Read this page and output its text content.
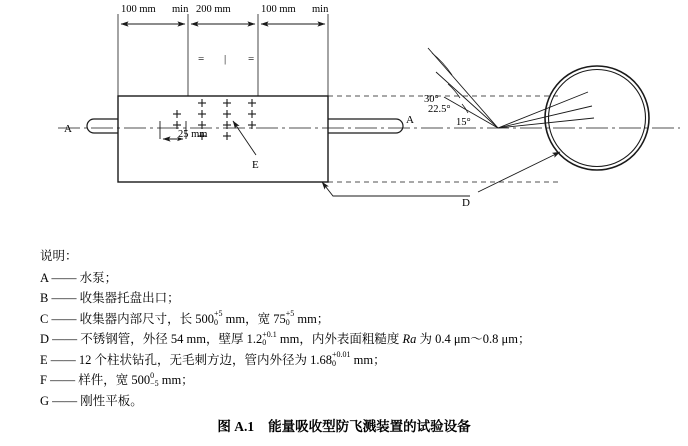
100 mm min 200 mm	100 mm min
= | =
25 mm
E
A
A
30°
22.5°
15°
D
说明：
A —— 水泵；
B —— 收集器托盘出口；
C —— 收集器内部尺寸，长 500 +5
0 mm，宽 75 +5
0 mm；
D —— 不锈钢管，外径 54 mm，壁厚 1.2 +0.1
0 mm，内外表面粗糙度 Ra 为 0.4 μm～0.8 μm；
E —— 12 个柱状钻孔，无毛刺方边，管内外径为 1.68 +0.01
0	mm；
F —— 样件，宽 500 0
−5 mm；
G —— 刚性平板。
图 A.1 能量吸收型防飞溅装置的试验设备
